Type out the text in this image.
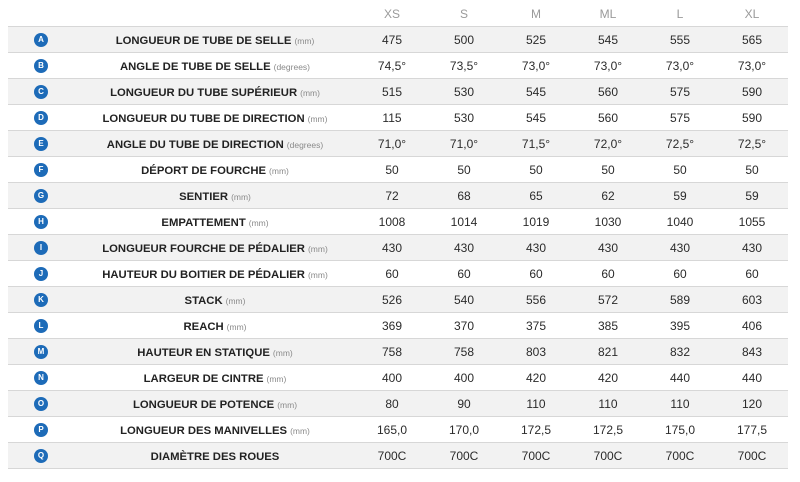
		XS	S	M	ML	L	XL
A	LONGUEUR DE TUBE DE SELLE (mm)	475	500	525	545	555	565
B	ANGLE DE TUBE DE SELLE (degrees)	74,5°	73,5°	73,0°	73,0°	73,0°	73,0°
C	LONGUEUR DU TUBE SUPÉRIEUR (mm)	515	530	545	560	575	590
D	LONGUEUR DU TUBE DE DIRECTION (mm)	115	530	545	560	575	590
E	ANGLE DU TUBE DE DIRECTION (degrees)	71,0°	71,0°	71,5°	72,0°	72,5°	72,5°
F	DÉPORT DE FOURCHE (mm)	50	50	50	50	50	50
G	SENTIER (mm)	72	68	65	62	59	59
H	EMPATTEMENT (mm)	1008	1014	1019	1030	1040	1055
I	LONGUEUR FOURCHE DE PÉDALIER (mm)	430	430	430	430	430	430
J	HAUTEUR DU BOITIER DE PÉDALIER (mm)	60	60	60	60	60	60
K	STACK (mm)	526	540	556	572	589	603
L	REACH (mm)	369	370	375	385	395	406
M	HAUTEUR EN STATIQUE (mm)	758	758	803	821	832	843
N	LARGEUR DE CINTRE (mm)	400	400	420	420	440	440
O	LONGUEUR DE POTENCE (mm)	80	90	110	110	110	120
P	LONGUEUR DES MANIVELLES (mm)	165,0	170,0	172,5	172,5	175,0	177,5
Q	DIAMÈTRE DES ROUES	700C	700C	700C	700C	700C	700C
